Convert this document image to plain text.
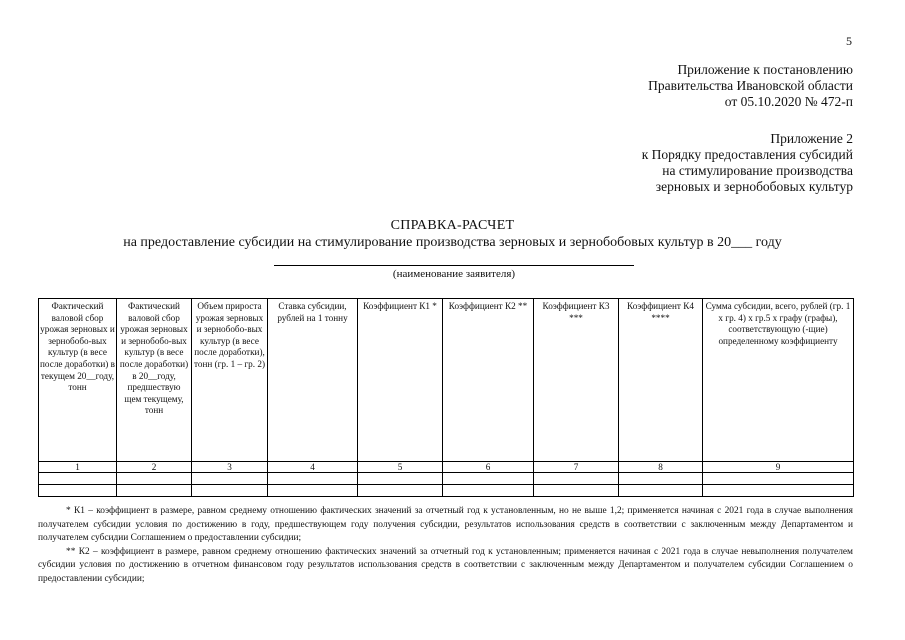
5
Приложение к постановлению
Правительства Ивановской области
от 05.10.2020 № 472-п
Приложение 2
к Порядку предоставления субсидий
на стимулирование производства
зерновых и зернобобовых культур
СПРАВКА-РАСЧЕТ
на предоставление субсидии на стимулирование производства зерновых и зернобобовых культур в 20___ году
(наименование заявителя)
Фактический валовой сбор урожая зерновых и зернобобо-вых культур (в весе после доработки) в текущем 20__году, тонн	Фактический валовой сбор урожая зерновых и зернобобо-вых культур (в весе после доработки) в 20__году, предшествую щем текущему, тонн	Объем прироста урожая зерновых и зернобобо-вых культур (в весе после доработки), тонн (гр. 1 – гр. 2)	Ставка субсидии, рублей на 1 тонну	Коэффициент К1 *	Коэффициент К2 **	Коэффициент К3 ***	Коэффициент К4 ****	Сумма субсидии, всего, рублей (гр. 1 х гр. 4) х гр.5 х графу (графы), соответствующую (-щие) определенному коэффициенту
1	2	3	4	5	6	7	8	9

* К1 – коэффициент в размере, равном среднему отношению фактических значений за отчетный год к установленным, но не выше 1,2; применяется начиная с 2021 года в случае выполнения получателем субсидии условия по достижению в году, предшествующем году получения субсидии, результатов использования средств в соответствии с заключенным между Департаментом и получателем субсидии Соглашением о предоставлении субсидии;

** К2 – коэффициент в размере, равном среднему отношению фактических значений за отчетный год к установленным; применяется начиная с 2021 года в случае невыполнения получателем субсидии условия по достижению в отчетном финансовом году результатов использования средств в соответствии с заключенным между Департаментом и получателем субсидии Соглашением о предоставлении субсидии;
